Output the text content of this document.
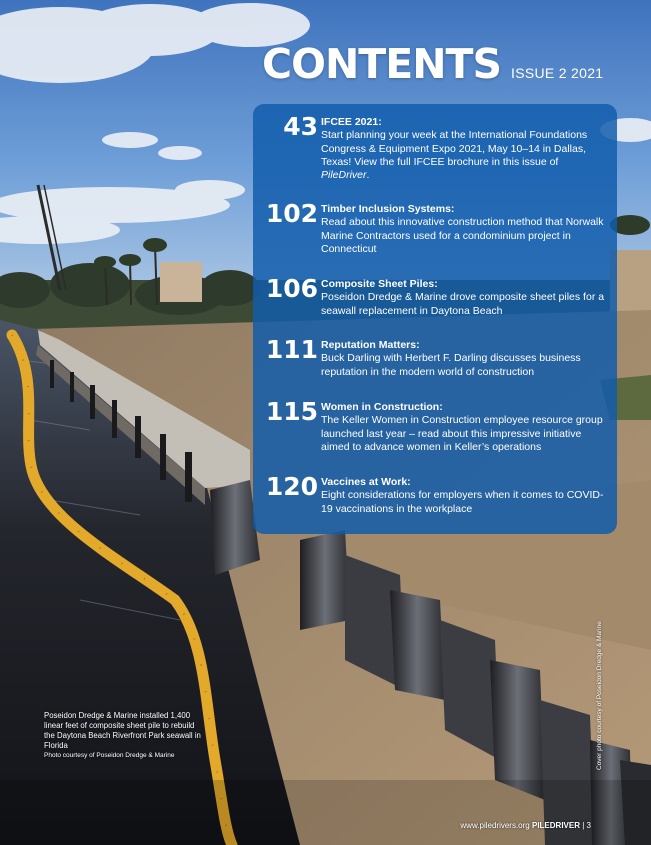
CONTENTS ISSUE 2 2021
43 IFCEE 2021:
Start planning your week at the International Foundations Congress & Equipment Expo 2021, May 10–14 in Dallas, Texas! View the full IFCEE brochure in this issue of PileDriver.
102 Timber Inclusion Systems:
Read about this innovative construction method that Norwalk Marine Contractors used for a condominium project in Connecticut
106 Composite Sheet Piles:
Poseidon Dredge & Marine drove composite sheet piles for a seawall replacement in Daytona Beach
111 Reputation Matters:
Buck Darling with Herbert F. Darling discusses business reputation in the modern world of construction
115 Women in Construction:
The Keller Women in Construction employee resource group launched last year – read about this impressive initiative aimed to advance women in Keller’s operations
120 Vaccines at Work:
Eight considerations for employers when it comes to COVID-19 vaccinations in the workplace
Poseidon Dredge & Marine installed 1,400 linear feet of composite sheet pile to rebuild the Daytona Beach Riverfront Park seawall in Florida
Photo courtesy of Poseidon Dredge & Marine	Cover photo courtesy of Poseidon Dredge & Marine
www.piledrivers.org PILEDRIVER | 3
